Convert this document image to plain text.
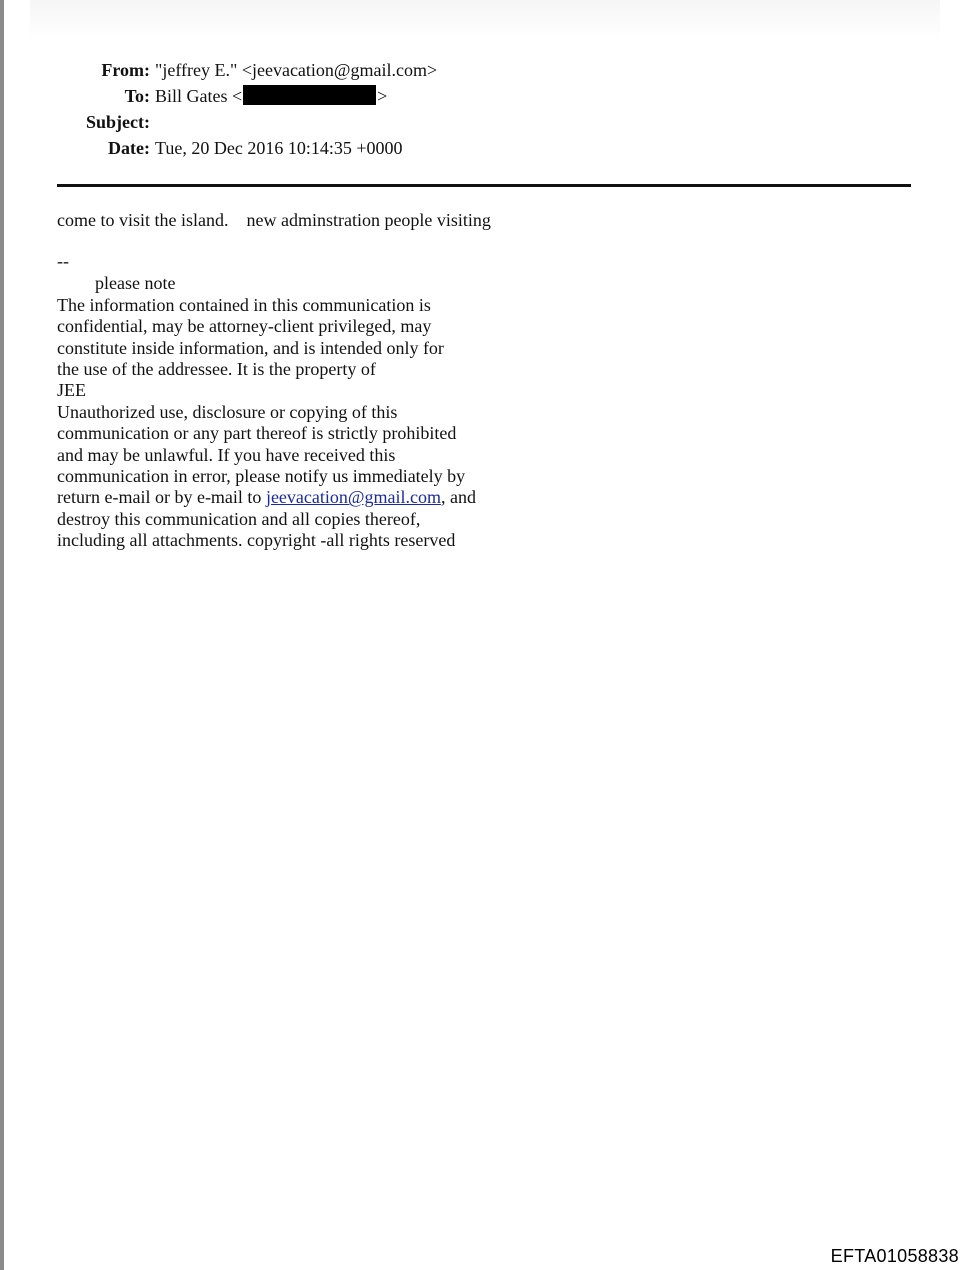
From: "jeffrey E." <jeevacation@gmail.com>
To: Bill Gates <	>
Subject:
Date: Tue, 20 Dec 2016 10:14:35 +0000

come to visit the island.    new adminstration people visiting

--

please note

The information contained in this communication is

confidential, may be attorney-client privileged, may

constitute inside information, and is intended only for

the use of the addressee. It is the property of

JEE

Unauthorized use, disclosure or copying of this

communication or any part thereof is strictly prohibited

and may be unlawful. If you have received this

communication in error, please notify us immediately by

return e-mail or by e-mail to jeevacation@gmail.com, and

destroy this communication and all copies thereof,

including all attachments. copyright -all rights reserved

EFTA01058838
